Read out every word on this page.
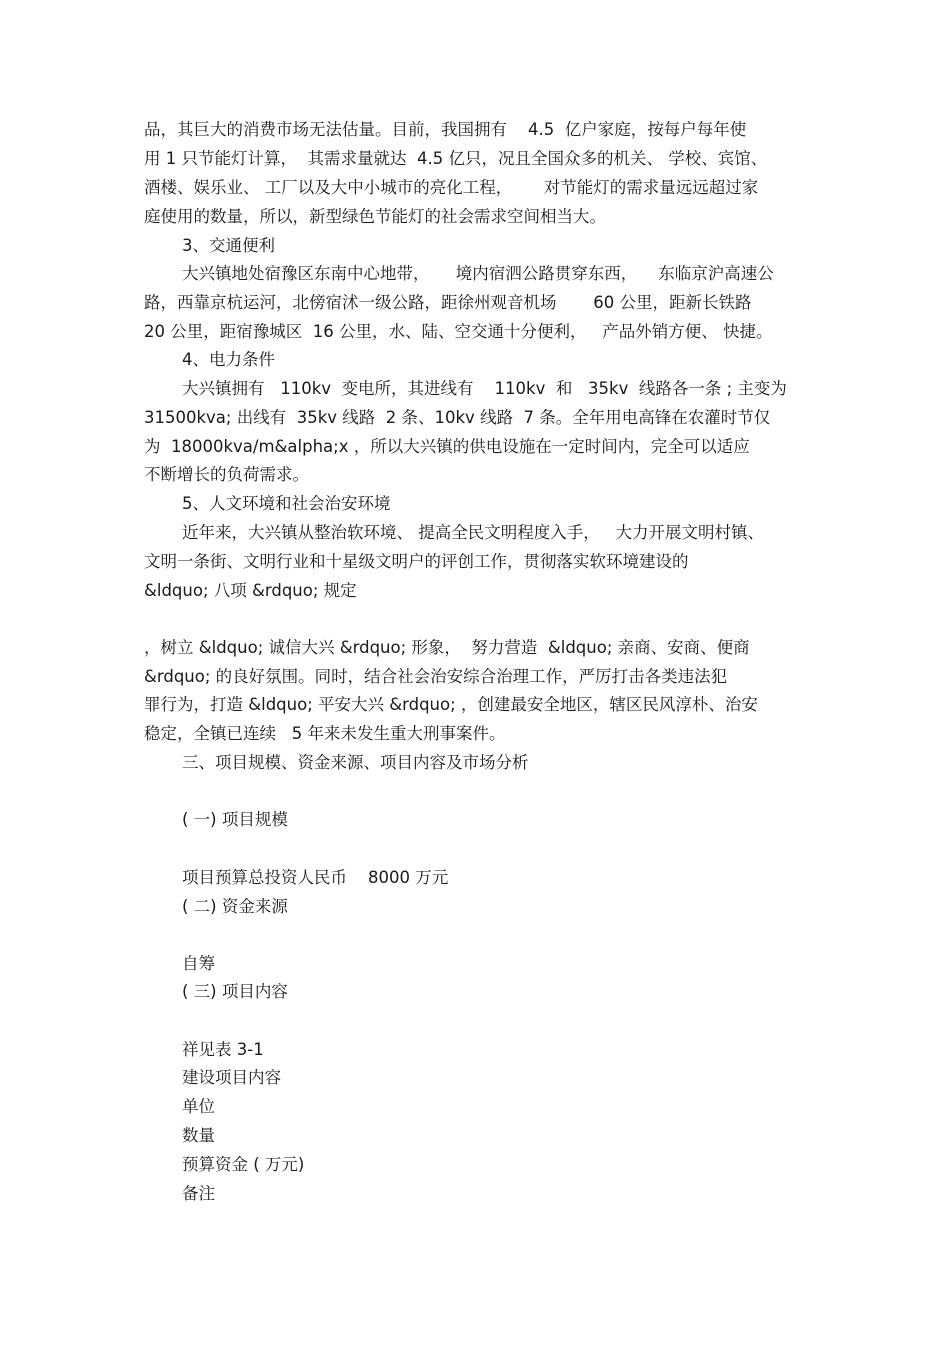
品，其巨大的消费市场无法估量。目前，我国拥有    4.5  亿户家庭，按每户每年使

用 1 只节能灯计算，  其需求量就达  4.5 亿只，况且全国众多的机关、 学校、宾馆、

酒楼、娱乐业、 工厂以及大中小城市的亮化工程，      对节能灯的需求量远远超过家

庭使用的数量，所以，新型绿色节能灯的社会需求空间相当大。

3、交通便利

大兴镇地处宿豫区东南中心地带，     境内宿泗公路贯穿东西，    东临京沪高速公

路，西靠京杭运河，北傍宿沭一级公路，距徐州观音机场       60 公里，距新长铁路

20 公里，距宿豫城区  16 公里，水、陆、空交通十分便利，   产品外销方便、 快捷。

4、电力条件

大兴镇拥有   110kv  变电所，其进线有    110kv  和   35kv  线路各一条 ; 主变为

31500kva; 出线有  35kv 线路  2 条、10kv 线路  7 条。全年用电高锋在农灌时节仅

为  18000kva/m&alpha;x ，所以大兴镇的供电设施在一定时间内，完全可以适应

不断增长的负荷需求。

5、人文环境和社会治安环境

近年来，大兴镇从整治软环境、 提高全民文明程度入手，   大力开展文明村镇、

文明一条街、文明行业和十星级文明户的评创工作，贯彻落实软环境建设的

&ldquo; 八项 &rdquo; 规定

，树立 &ldquo; 诚信大兴 &rdquo; 形象，  努力营造  &ldquo; 亲商、安商、便商

&rdquo; 的良好氛围。同时，结合社会治安综合治理工作，严厉打击各类违法犯

罪行为，打造 &ldquo; 平安大兴 &rdquo; ，创建最安全地区，辖区民风淳朴、治安

稳定，全镇已连续   5 年来未发生重大刑事案件。

三、项目规模、资金来源、项目内容及市场分析

( 一) 项目规模

项目预算总投资人民币    8000 万元

( 二) 资金来源

自筹

( 三) 项目内容

祥见表 3-1

建设项目内容

单位

数量

预算资金 ( 万元)

备注
